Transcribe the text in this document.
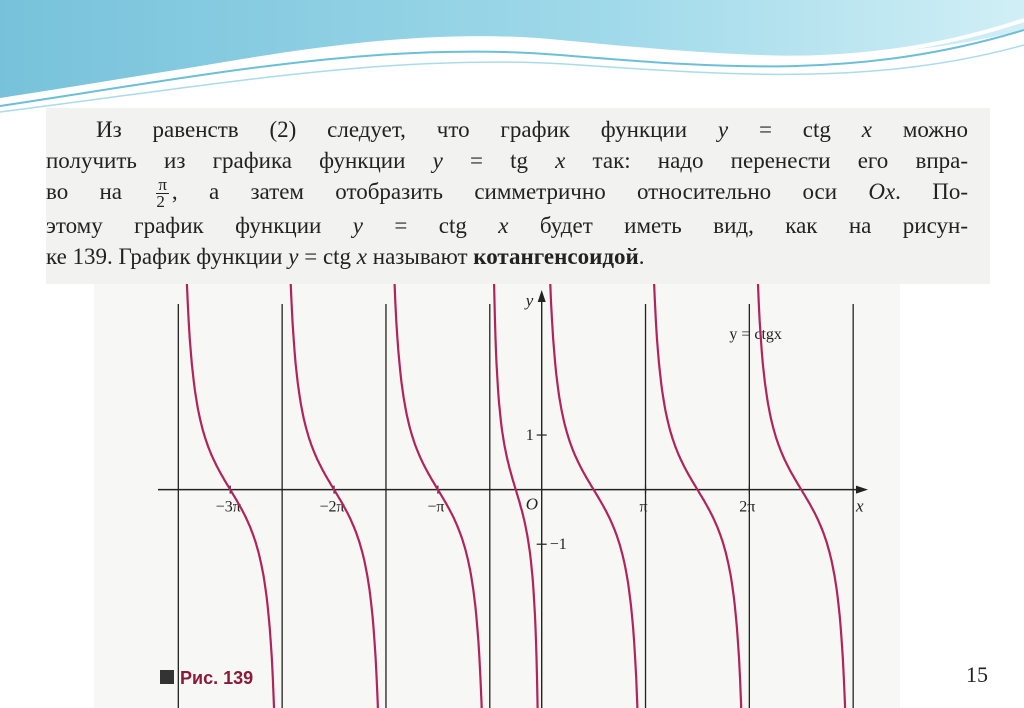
Из равенств (2) следует, что график функции y = ctg x можно
получить из графика функции y = tg x так: надо перенести его впра-
во на $\frac{\pi}{2}$ , а затем отобразить симметрично относительно оси Ox. По-
этому график функции y = ctg x будет иметь вид, как на рисун-
ке 139. График функции y = ctg x называют котангенсоидой.
x
y
O
−3π	−2π	−π	π	2π
1
−1
y = ctgx
Рис. 139	15
